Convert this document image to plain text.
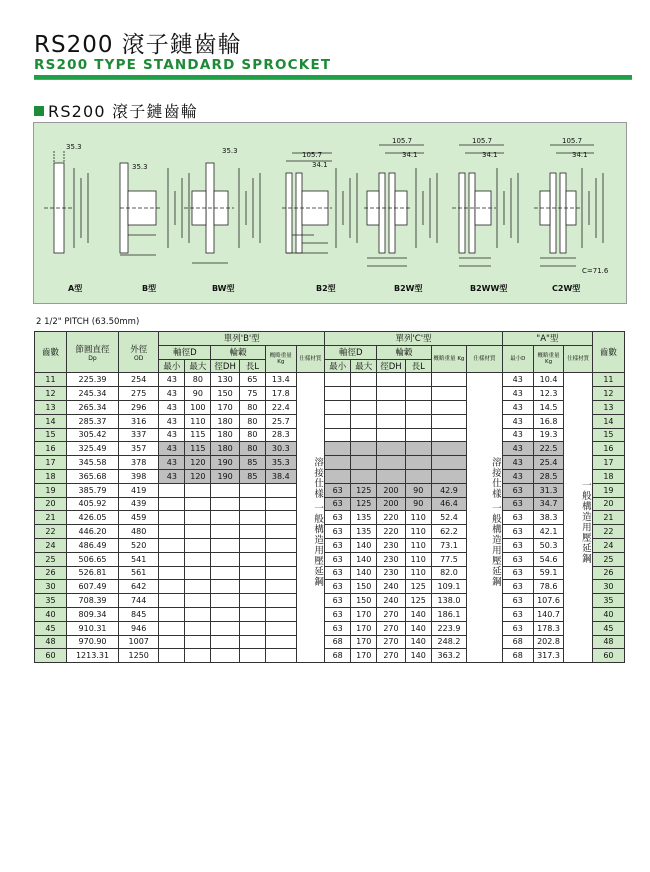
RS200 滾子鏈齒輪
RS200 TYPE STANDARD SPROCKET
RS200 滾子鏈齒輪
35.3
35.3
35.3	105.7
34.1
105.7
34.1
105.7
34.1
105.7
34.1
C=71.6
A型	B型	BW型	B2型	B2W型	B2WW型	C2W型
2 1/2" PITCH (63.50mm)
齒數	節圓直徑
Dp	外徑
OD	單列'B'型						單列'C'型						"A"型			齒數
			軸徑D		輪轂		概略重量 Kg	仕樣材質	軸徑D		輪轂		概略重量 Kg	仕樣材質	最小D	概略重量 Kg	仕樣材質	
			最小	最大	徑DH	長L			最小	最大	徑DH	長L						
11	225.39	254	43	80	130	65	13.4	溶接仕樣 一般構造用壓延鋼						溶接仕樣 一般構造用壓延鋼	43	10.4	一般構造用壓延鋼	11
12	245.34	275	43	90	150	75	17.8								43	12.3		12
13	265.34	296	43	100	170	80	22.4								43	14.5		13
14	285.37	316	43	110	180	80	25.7								43	16.8		14
15	305.42	337	43	115	180	80	28.3								43	19.3		15
16	325.49	357	43	115	180	80	30.3								43	22.5		16
17	345.58	378	43	120	190	85	35.3								43	25.4		17
18	365.68	398	43	120	190	85	38.4								43	28.5		18
19	385.79	419							63	125	200	90	42.9		63	31.3		19
20	405.92	439							63	125	200	90	46.4		63	34.7		20
21	426.05	459							63	135	220	110	52.4		63	38.3		21
22	446.20	480							63	135	220	110	62.2		63	42.1		22
24	486.49	520							63	140	230	110	73.1		63	50.3		24
25	506.65	541							63	140	230	110	77.5		63	54.6		25
26	526.81	561							63	140	230	110	82.0		63	59.1		26
30	607.49	642							63	150	240	125	109.1		63	78.6		30
35	708.39	744							63	150	240	125	138.0		63	107.6		35
40	809.34	845							63	170	270	140	186.1		63	140.7		40
45	910.31	946							63	170	270	140	223.9		63	178.3		45
48	970.90	1007							68	170	270	140	248.2		68	202.8		48
60	1213.31	1250							68	170	270	140	363.2		68	317.3		60
